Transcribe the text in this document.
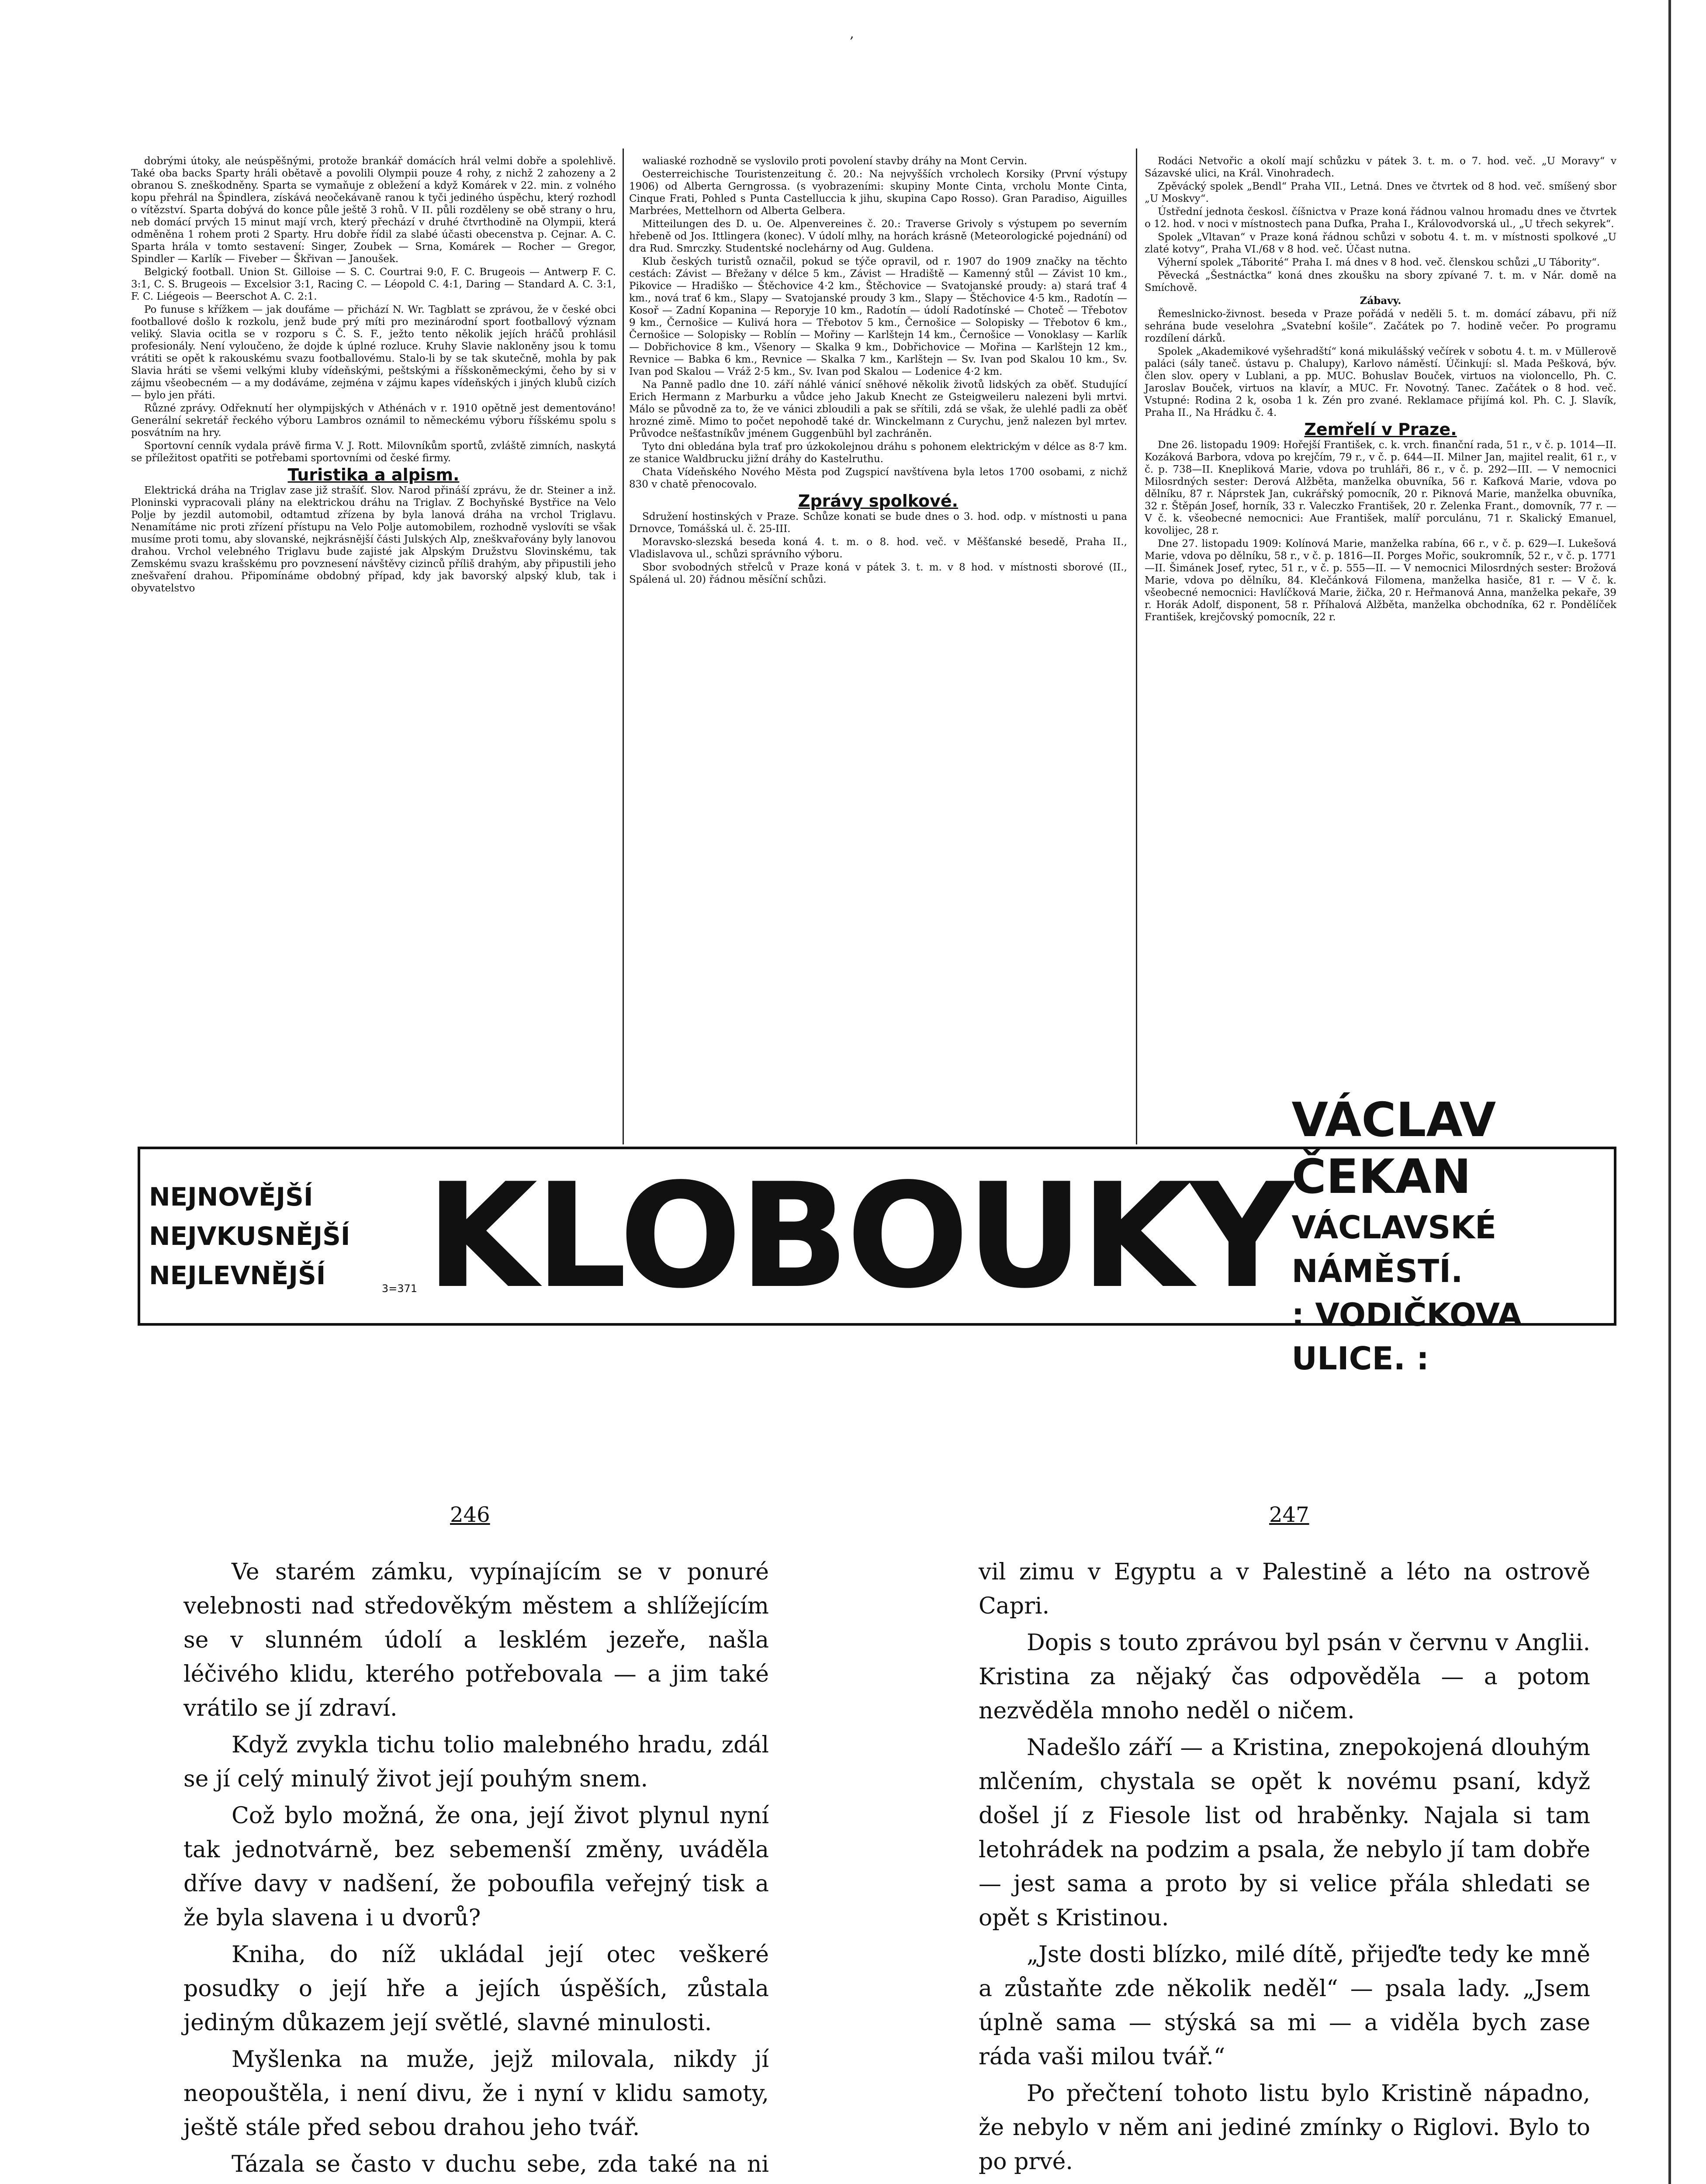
‚

dobrými útoky, ale neúspěšnými, protože brankář domácích hrál velmi dobře a spolehlivě. Také oba backs Sparty hráli obětavě a povolili Olympii pouze 4 rohy, z nichž 2 zahozeny a 2 obranou S. zneškodněny. Sparta se vymaňuje z obležení a když Komárek v 22. min. z volného kopu přehrál na Špindlera, získává neočekávaně ranou k tyči jediného úspěchu, který rozhodl o vítězství. Sparta dobývá do konce půle ještě 3 rohů. V II. půli rozděleny se obě strany o hru, neb domácí prvých 15 minut mají vrch, který přechází v druhé čtvrthodině na Olympii, která odměněna 1 rohem proti 2 Sparty. Hru dobře řídil za slabé účasti obecenstva p. Cejnar. A. C. Sparta hrála v tomto sestavení: Singer, Zoubek — Srna, Komárek — Rocher — Gregor, Spindler — Karlík — Fiveber — Škřivan — Janoušek.

Belgický football. Union St. Gilloise — S. C. Courtrai 9:0, F. C. Brugeois — Antwerp F. C. 3:1, C. S. Brugeois — Excelsior 3:1, Racing C. — Léopold C. 4:1, Daring — Standard A. C. 3:1, F. C. Liégeois — Beerschot A. C. 2:1.

Po funuse s křížkem — jak doufáme — přichází N. Wr. Tagblatt se zprávou, že v české obci footballové došlo k rozkolu, jenž bude prý míti pro mezinárodní sport footballový význam veliký. Slavia ocitla se v rozporu s Č. S. F., ježto tento několik jejích hráčů prohlásil profesionály. Není vyloučeno, že dojde k úplné rozluce. Kruhy Slavie nakloněny jsou k tomu vrátiti se opět k rakouskému svazu footballovému. Stalo-li by se tak skutečně, mohla by pak Slavia hráti se všemi velkými kluby vídeňskými, peštskými a říšskoněmeckými, čeho by si v zájmu všeobecném — a my dodáváme, zejména v zájmu kapes vídeňských i jiných klubů cizích — bylo jen přáti.

Různé zprávy. Odřeknutí her olympijských v Athénách v r. 1910 opětně jest dementováno! Generální sekretář řeckého výboru Lambros oznámil to německému výboru říšskému spolu s posvátním na hry.

Sportovní cenník vydala právě firma V. J. Rott. Milovníkům sportů, zvláště zimních, naskytá se příležitost opatřiti se potřebami sportovními od české firmy.

Turistika a alpism.

Elektrická dráha na Triglav zase již strašíť. Slov. Narod přináší zprávu, že dr. Steiner a inž. Ploninski vypracovali plány na elektrickou dráhu na Triglav. Z Bochyňské Bystřice na Velo Polje by jezdil automobil, odtamtud zřízena by byla lanová dráha na vrchol Triglavu. Nenamítáme nic proti zřízení přístupu na Velo Polje automobilem, rozhodně vyslovíti se však musíme proti tomu, aby slovanské, nejkrásnější části Julských Alp, zneškvařovány byly lanovou drahou. Vrchol velebného Triglavu bude zajisté jak Alpským Družstvu Slovinskému, tak Zemskému svazu krašskému pro povznesení návštěvy cizinců příliš drahým, aby připustili jeho znešvaření drahou. Připomínáme obdobný případ, kdy jak bavorský alpský klub, tak i obyvatelstvo

waliaské rozhodně se vyslovilo proti povolení stavby dráhy na Mont Cervin.

Oesterreichische Touristenzeitung č. 20.: Na nejvyšších vrcholech Korsiky (První výstupy 1906) od Alberta Gerngrossa. (s vyobrazeními: skupiny Monte Cinta, vrcholu Monte Cinta, Cinque Frati, Pohled s Punta Castelluccia k jihu, skupina Capo Rosso). Gran Paradiso, Aiguilles Marbrées, Mettelhorn od Alberta Gelbera.

Mitteilungen des D. u. Oe. Alpenvereines č. 20.: Traverse Grivoly s výstupem po severním hřebeně od Jos. Ittlingera (konec). V údolí mlhy, na horách krásně (Meteorologické pojednání) od dra Rud. Smrczky. Studentské noclehárny od Aug. Guldena.

Klub českých turistů označil, pokud se týče opravil, od r. 1907 do 1909 značky na těchto cestách: Závist — Břežany v délce 5 km., Závist — Hradiště — Kamenný stůl — Závist 10 km., Pikovice — Hradiško — Štěchovice 4·2 km., Štěchovice — Svatojanské proudy: a) stará trať 4 km., nová trať 6 km., Slapy — Svatojanské proudy 3 km., Slapy — Štěchovice 4·5 km., Radotín — Kosoř — Zadní Kopanina — Reporyje 10 km., Radotín — údolí Radotínské — Choteč — Třebotov 9 km., Černošice — Kulivá hora — Třebotov 5 km., Černošice — Solopisky — Třebotov 6 km., Černošice — Solopisky — Roblín — Mořiny — Karlštejn 14 km., Černošice — Vonoklasy — Karlík — Dobřichovice 8 km., Všenory — Skalka 9 km., Dobřichovice — Mořina — Karlštejn 12 km., Revnice — Babka 6 km., Revnice — Skalka 7 km., Karlštejn — Sv. Ivan pod Skalou 10 km., Sv. Ivan pod Skalou — Vráž 2·5 km., Sv. Ivan pod Skalou — Lodenice 4·2 km.

Na Panně padlo dne 10. září náhlé vánicí sněhové několik životů lidských za oběť. Studující Erich Hermann z Marburku a vůdce jeho Jakub Knecht ze Gsteigweileru nalezeni byli mrtvi. Málo se původně za to, že ve vánici zbloudili a pak se sřítili, zdá se však, že ulehlé padli za oběť hrozné zimě. Mimo to počet nepohodě také dr. Winckelmann z Curychu, jenž nalezen byl mrtev. Průvodce nešťastníkův jménem Guggenbühl byl zachráněn.

Tyto dni obledána byla trať pro úzkokolejnou dráhu s pohonem elektrickým v délce as 8·7 km. ze stanice Waldbrucku jižní dráhy do Kastelruthu.

Chata Vídeňského Nového Města pod Zugspicí navštívena byla letos 1700 osobami, z nichž 830 v chatě přenocovalo.

Zprávy spolkové.

Sdružení hostinských v Praze. Schůze konati se bude dnes o 3. hod. odp. v místnosti u pana Drnovce, Tomášská ul. č. 25-III.

Moravsko-slezská beseda koná 4. t. m. o 8. hod. več. v Měšťanské besedě, Praha II., Vladislavova ul., schůzi správního výboru.

Sbor svobodných střelců v Praze koná v pátek 3. t. m. v 8 hod. v místnosti sborové (II., Spálená ul. 20) řádnou měsíční schůzi.

Rodáci Netvořic a okolí mají schůzku v pátek 3. t. m. o 7. hod. več. „U Moravy“ v Sázavské ulici, na Král. Vinohradech.

Zpěvácký spolek „Bendl“ Praha VII., Letná. Dnes ve čtvrtek od 8 hod. več. smíšený sbor „U Moskvy“.

Ústřední jednota českosl. číšnictva v Praze koná řádnou valnou hromadu dnes ve čtvrtek o 12. hod. v noci v místnostech pana Dufka, Praha I., Královodvorská ul., „U třech sekyrek“.

Spolek „Vltavan“ v Praze koná řádnou schůzi v sobotu 4. t. m. v místnosti spolkové „U zlaté kotvy“, Praha VI./68 v 8 hod. več. Účast nutna.

Výherní spolek „Táborité“ Praha I. má dnes v 8 hod. več. členskou schůzi „U Tábority“.

Pěvecká „Šestnáctka“ koná dnes zkoušku na sbory zpívané 7. t. m. v Nár. domě na Smíchově.

Zábavy.

Řemeslnicko-živnost. beseda v Praze pořádá v neděli 5. t. m. domácí zábavu, při níž sehrána bude veselohra „Svatební košile“. Začátek po 7. hodině večer. Po programu rozdílení dárků.

Spolek „Akademikové vyšehradští“ koná mikulášský večírek v sobotu 4. t. m. v Müllerově paláci (sály taneč. ústavu p. Chalupy), Karlovo náměstí. Účinkují: sl. Mada Pešková, býv. člen slov. opery v Lublani, a pp. MUC. Bohuslav Bouček, virtuos na violoncello, Ph. C. Jaroslav Bouček, virtuos na klavír, a MUC. Fr. Novotný. Tanec. Začátek o 8 hod. več. Vstupné: Rodina 2 k, osoba 1 k. Zén pro zvané. Reklamace přijímá kol. Ph. C. J. Slavík, Praha II., Na Hrádku č. 4.

Zemřelí v Praze.

Dne 26. listopadu 1909: Hořejší František, c. k. vrch. finanční rada, 51 r., v č. p. 1014—II. Kozáková Barbora, vdova po krejčím, 79 r., v č. p. 644—II. Milner Jan, majitel realit, 61 r., v č. p. 738—II. Knepliková Marie, vdova po truhláři, 86 r., v č. p. 292—III. — V nemocnici Milosrdných sester: Derová Alžběta, manželka obuvníka, 56 r. Kafková Marie, vdova po dělníku, 87 r. Náprstek Jan, cukrářský pomocník, 20 r. Piknová Marie, manželka obuvníka, 32 r. Štěpán Josef, horník, 33 r. Valeczko František, 20 r. Zelenka Frant., domovník, 77 r. — V č. k. všeobecné nemocnici: Aue František, malíř porculánu, 71 r. Skalický Emanuel, kovolijec, 28 r.

Dne 27. listopadu 1909: Kolínová Marie, manželka rabína, 66 r., v č. p. 629—I. Lukešová Marie, vdova po dělníku, 58 r., v č. p. 1816—II. Porges Mořic, soukromník, 52 r., v č. p. 1771—II. Šimánek Josef, rytec, 51 r., v č. p. 555—II. — V nemocnici Milosrdných sester: Brožová Marie, vdova po dělníku, 84. Klečánková Filomena, manželka hasiče, 81 r. — V č. k. všeobecné nemocnici: Havlíčková Marie, žička, 20 r. Heřmanová Anna, manželka pekaře, 39 r. Horák Adolf, disponent, 58 r. Příhalová Alžběta, manželka obchodníka, 62 r. Pondělíček František, krejčovský pomocník, 22 r.

NEJNOVĚJŠÍ
NEJVKUSNĚJŠÍ
NEJLEVNĚJŠÍ	3=371 KLOBOUKY
VÁCLAV ČEKAN
VÁCLAVSKÉ NÁMĚSTÍ.
: VODIČKOVA ULICE. :
246	247

Ve starém zámku, vypínajícím se v ponuré velebnosti nad středověkým městem a shlížejícím se v slunném údolí a lesklém jezeře, našla léčivého klidu, kterého potřebovala — a jim také vrátilo se jí zdraví.

Když zvykla tichu tolio malebného hradu, zdál se jí celý minulý život její pouhým snem.

Což bylo možná, že ona, její život plynul nyní tak jednotvárně, bez sebemenší změny, uváděla dříve davy v nadšení, že poboufila veřejný tisk a že byla slavena i u dvorů?

Kniha, do níž ukládal její otec veškeré posudky o její hře a jejích úspěších, zůstala jediným důkazem její světlé, slavné minulosti.

Myšlenka na muže, jejž milovala, nikdy jí neopouštěla, i není divu, že i nyní v klidu samoty, ještě stále před sebou drahou jeho tvář.

Tázala se často v duchu sebe, zda také na ni

vil zimu v Egyptu a v Palestině a léto na ostrově Capri.

Dopis s touto zprávou byl psán v červnu v Anglii. Kristina za nějaký čas odpověděla — a potom nezvěděla mnoho neděl o ničem.

Nadešlo září — a Kristina, znepokojená dlouhým mlčením, chystala se opět k novému psaní, když došel jí z Fiesole list od hraběnky. Najala si tam letohrádek na podzim a psala, že nebylo jí tam dobře — jest sama a proto by si velice přála shledati se opět s Kristinou.

„Jste dosti blízko, milé dítě, přijeďte tedy ke mně a zůstaňte zde několik neděl“ — psala lady. „Jsem úplně sama — stýská sa mi — a viděla bych zase ráda vaši milou tvář.“

Po přečtení tohoto listu bylo Kristině nápadno, že nebylo v něm ani jediné zmínky o Riglovi. Bylo to po prvé.
